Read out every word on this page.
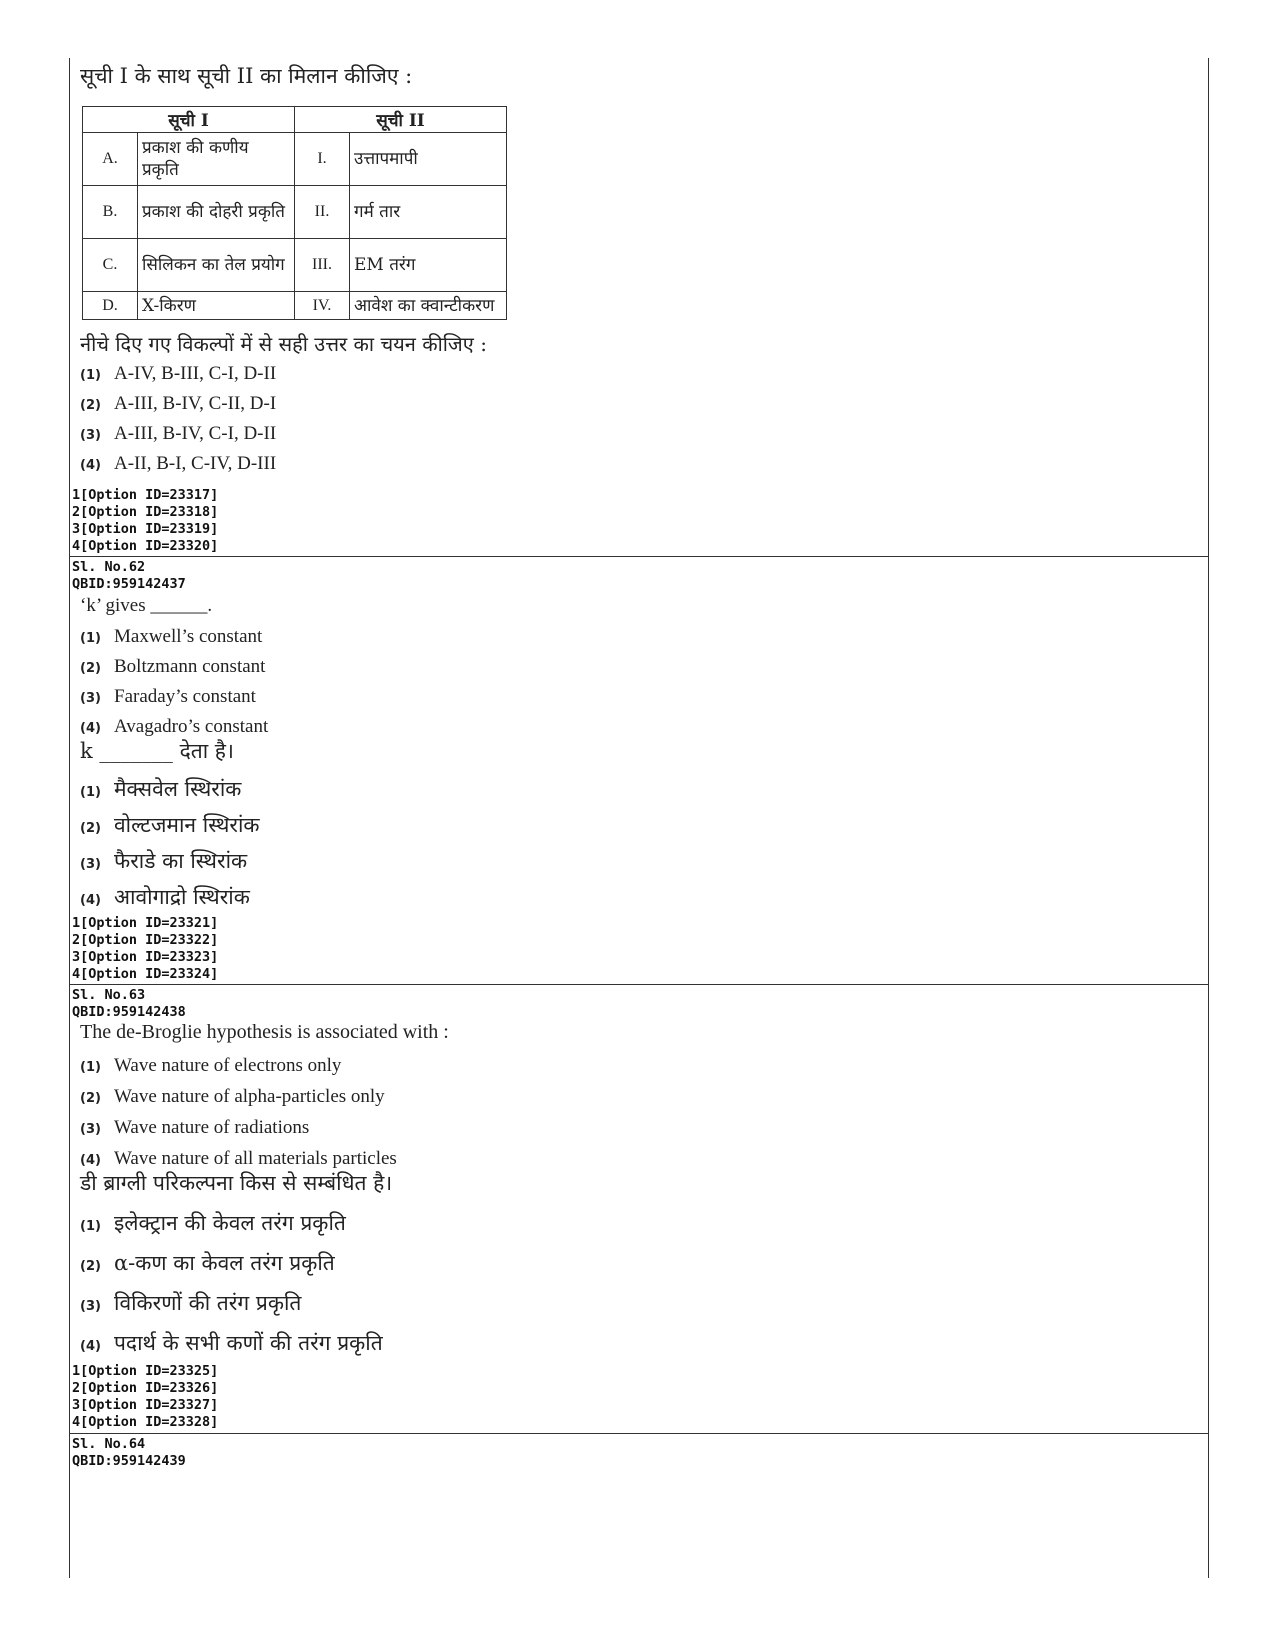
सूची I के साथ सूची II का मिलान कीजिए :
सूची I		सूची II	
A.	प्रकाश की कणीय प्रकृति	I.	उत्तापमापी
B.	प्रकाश की दोहरी प्रकृति	II.	गर्म तार
C.	सिलिकन का तेल प्रयोग	III.	EM तरंग
D.	X-किरण	IV.	आवेश का क्वान्टीकरण
नीचे दिए गए विकल्पों में से सही उत्तर का चयन कीजिए :
(1) A-IV, B-III, C-I, D-II
(2) A-III, B-IV, C-II, D-I
(3) A-III, B-IV, C-I, D-II
(4) A-II, B-I, C-IV, D-III
1[Option ID=23317]
2[Option ID=23318]
3[Option ID=23319]
4[Option ID=23320]
Sl. No.62
QBID:959142437
‘k’ gives ______.
(1) Maxwell’s constant
(2) Boltzmann constant
(3) Faraday’s constant
(4) Avagadro’s constant
k _______ देता है।
(1) मैक्सवेल स्थिरांक
(2) वोल्टजमान स्थिरांक
(3) फैराडे का स्थिरांक
(4) आवोगाद्रो स्थिरांक
1[Option ID=23321]
2[Option ID=23322]
3[Option ID=23323]
4[Option ID=23324]
Sl. No.63
QBID:959142438
The de-Broglie hypothesis is associated with :
(1) Wave nature of electrons only
(2) Wave nature of alpha-particles only
(3) Wave nature of radiations
(4) Wave nature of all materials particles
डी ब्राग्ली परिकल्पना किस से सम्बंधित है।
(1) इलेक्ट्रान की केवल तरंग प्रकृति
(2) α-कण का केवल तरंग प्रकृति
(3) विकिरणों की तरंग प्रकृति
(4) पदार्थ के सभी कणों की तरंग प्रकृति
1[Option ID=23325]
2[Option ID=23326]
3[Option ID=23327]
4[Option ID=23328]
Sl. No.64
QBID:959142439
